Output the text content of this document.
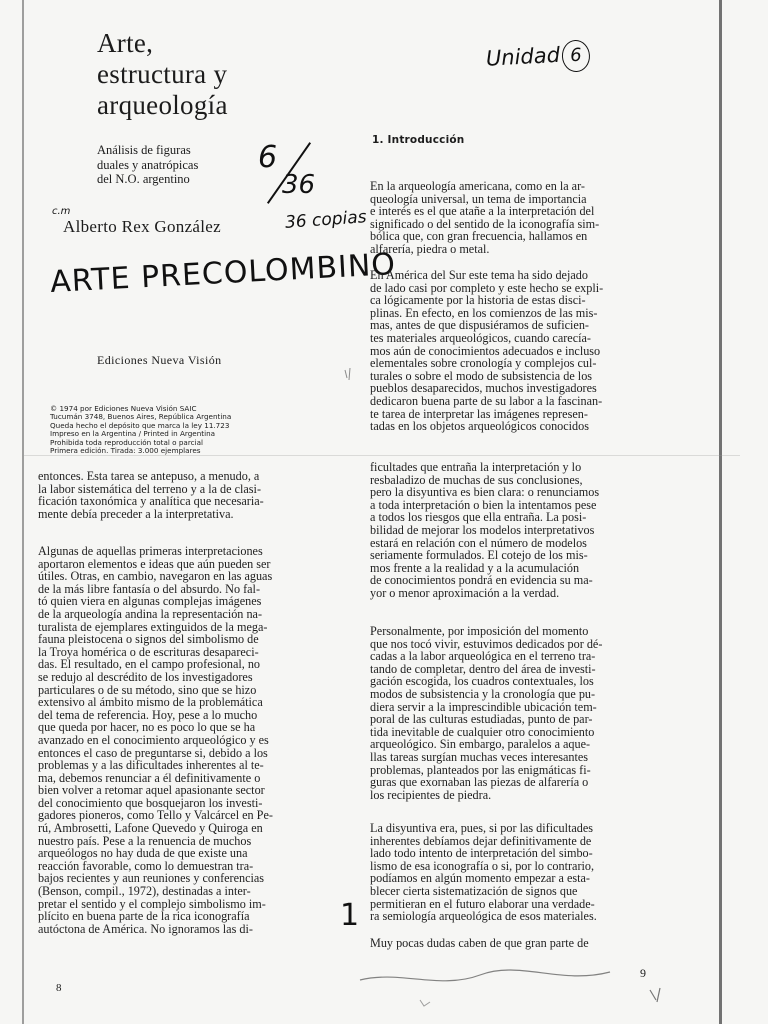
Arte,
estructura y
arqueología
Análisis de figuras
duales y anatrópicas
del N.O. argentino
c.m
Alberto Rex González
Ediciones Nueva Visión
© 1974 por Ediciones Nueva Visión SAIC
Tucumán 3748, Buenos Aires, República Argentina
Queda hecho el depósito que marca la ley 11.723
Impreso en la Argentina / Printed in Argentina
Prohibida toda reproducción total o parcial
Primera edición. Tirada: 3.000 ejemplares
Unidad 6
6
36
36 copias
ARTE PRECOLOMBINO
1. Introducción
En la arqueología americana, como en la ar-
queología universal, un tema de importancia
e interés es el que atañe a la interpretación del
significado o del sentido de la iconografía sim-
bólica que, con gran frecuencia, hallamos en
alfarería, piedra o metal.
En América del Sur este tema ha sido dejado
de lado casi por completo y este hecho se expli-
ca lógicamente por la historia de estas disci-
plinas. En efecto, en los comienzos de las mis-
mas, antes de que dispusiéramos de suficien-
tes materiales arqueológicos, cuando carecía-
mos aún de conocimientos adecuados e incluso
elementales sobre cronología y complejos cul-
turales o sobre el modo de subsistencia de los
pueblos desaparecidos, muchos investigadores
dedicaron buena parte de su labor a la fascinan-
te tarea de interpretar las imágenes represen-
tadas en los objetos arqueológicos conocidos
ficultades que entraña la interpretación y lo
resbaladizo de muchas de sus conclusiones,
pero la disyuntiva es bien clara: o renunciamos
a toda interpretación o bien la intentamos pese
a todos los riesgos que ella entraña. La posi-
bilidad de mejorar los modelos interpretativos
estará en relación con el número de modelos
seriamente formulados. El cotejo de los mis-
mos frente a la realidad y a la acumulación
de conocimientos pondrá en evidencia su ma-
yor o menor aproximación a la verdad.
Personalmente, por imposición del momento
que nos tocó vivir, estuvimos dedicados por dé-
cadas a la labor arqueológica en el terreno tra-
tando de completar, dentro del área de investi-
gación escogida, los cuadros contextuales, los
modos de subsistencia y la cronología que pu-
diera servir a la imprescindible ubicación tem-
poral de las culturas estudiadas, punto de par-
tida inevitable de cualquier otro conocimiento
arqueológico. Sin embargo, paralelos a aque-
llas tareas surgían muchas veces interesantes
problemas, planteados por las enigmáticas fi-
guras que exornaban las piezas de alfarería o
los recipientes de piedra.
La disyuntiva era, pues, si por las dificultades
inherentes debíamos dejar definitivamente de
lado todo intento de interpretación del simbo-
lismo de esa iconografía o si, por lo contrario,
podíamos en algún momento empezar a esta-
blecer cierta sistematización de signos que
permitieran en el futuro elaborar una verdade-
ra semiología arqueológica de esos materiales.
Muy pocas dudas caben de que gran parte de
entonces. Esta tarea se antepuso, a menudo, a
la labor sistemática del terreno y a la de clasi-
ficación taxonómica y analítica que necesaria-
mente debía preceder a la interpretativa.
Algunas de aquellas primeras interpretaciones
aportaron elementos e ideas que aún pueden ser
útiles. Otras, en cambio, navegaron en las aguas
de la más libre fantasía o del absurdo. No fal-
tó quien viera en algunas complejas imágenes
de la arqueología andina la representación na-
turalista de ejemplares extinguidos de la mega-
fauna pleistocena o signos del simbolismo de
la Troya homérica o de escrituras desapareci-
das. El resultado, en el campo profesional, no
se redujo al descrédito de los investigadores
particulares o de su método, sino que se hizo
extensivo al ámbito mismo de la problemática
del tema de referencia. Hoy, pese a lo mucho
que queda por hacer, no es poco lo que se ha
avanzado en el conocimiento arqueológico y es
entonces el caso de preguntarse si, debido a los
problemas y a las dificultades inherentes al te-
ma, debemos renunciar a él definitivamente o
bien volver a retomar aquel apasionante sector
del conocimiento que bosquejaron los investi-
gadores pioneros, como Tello y Valcárcel en Pe-
rú, Ambrosetti, Lafone Quevedo y Quiroga en
nuestro país. Pese a la renuencia de muchos
arqueólogos no hay duda de que existe una
reacción favorable, como lo demuestran tra-
bajos recientes y aun reuniones y conferencias
(Benson, compil., 1972), destinadas a inter-
pretar el sentido y el complejo simbolismo im-
plícito en buena parte de la rica iconografía
autóctona de América. No ignoramos las di-	1
8
9
